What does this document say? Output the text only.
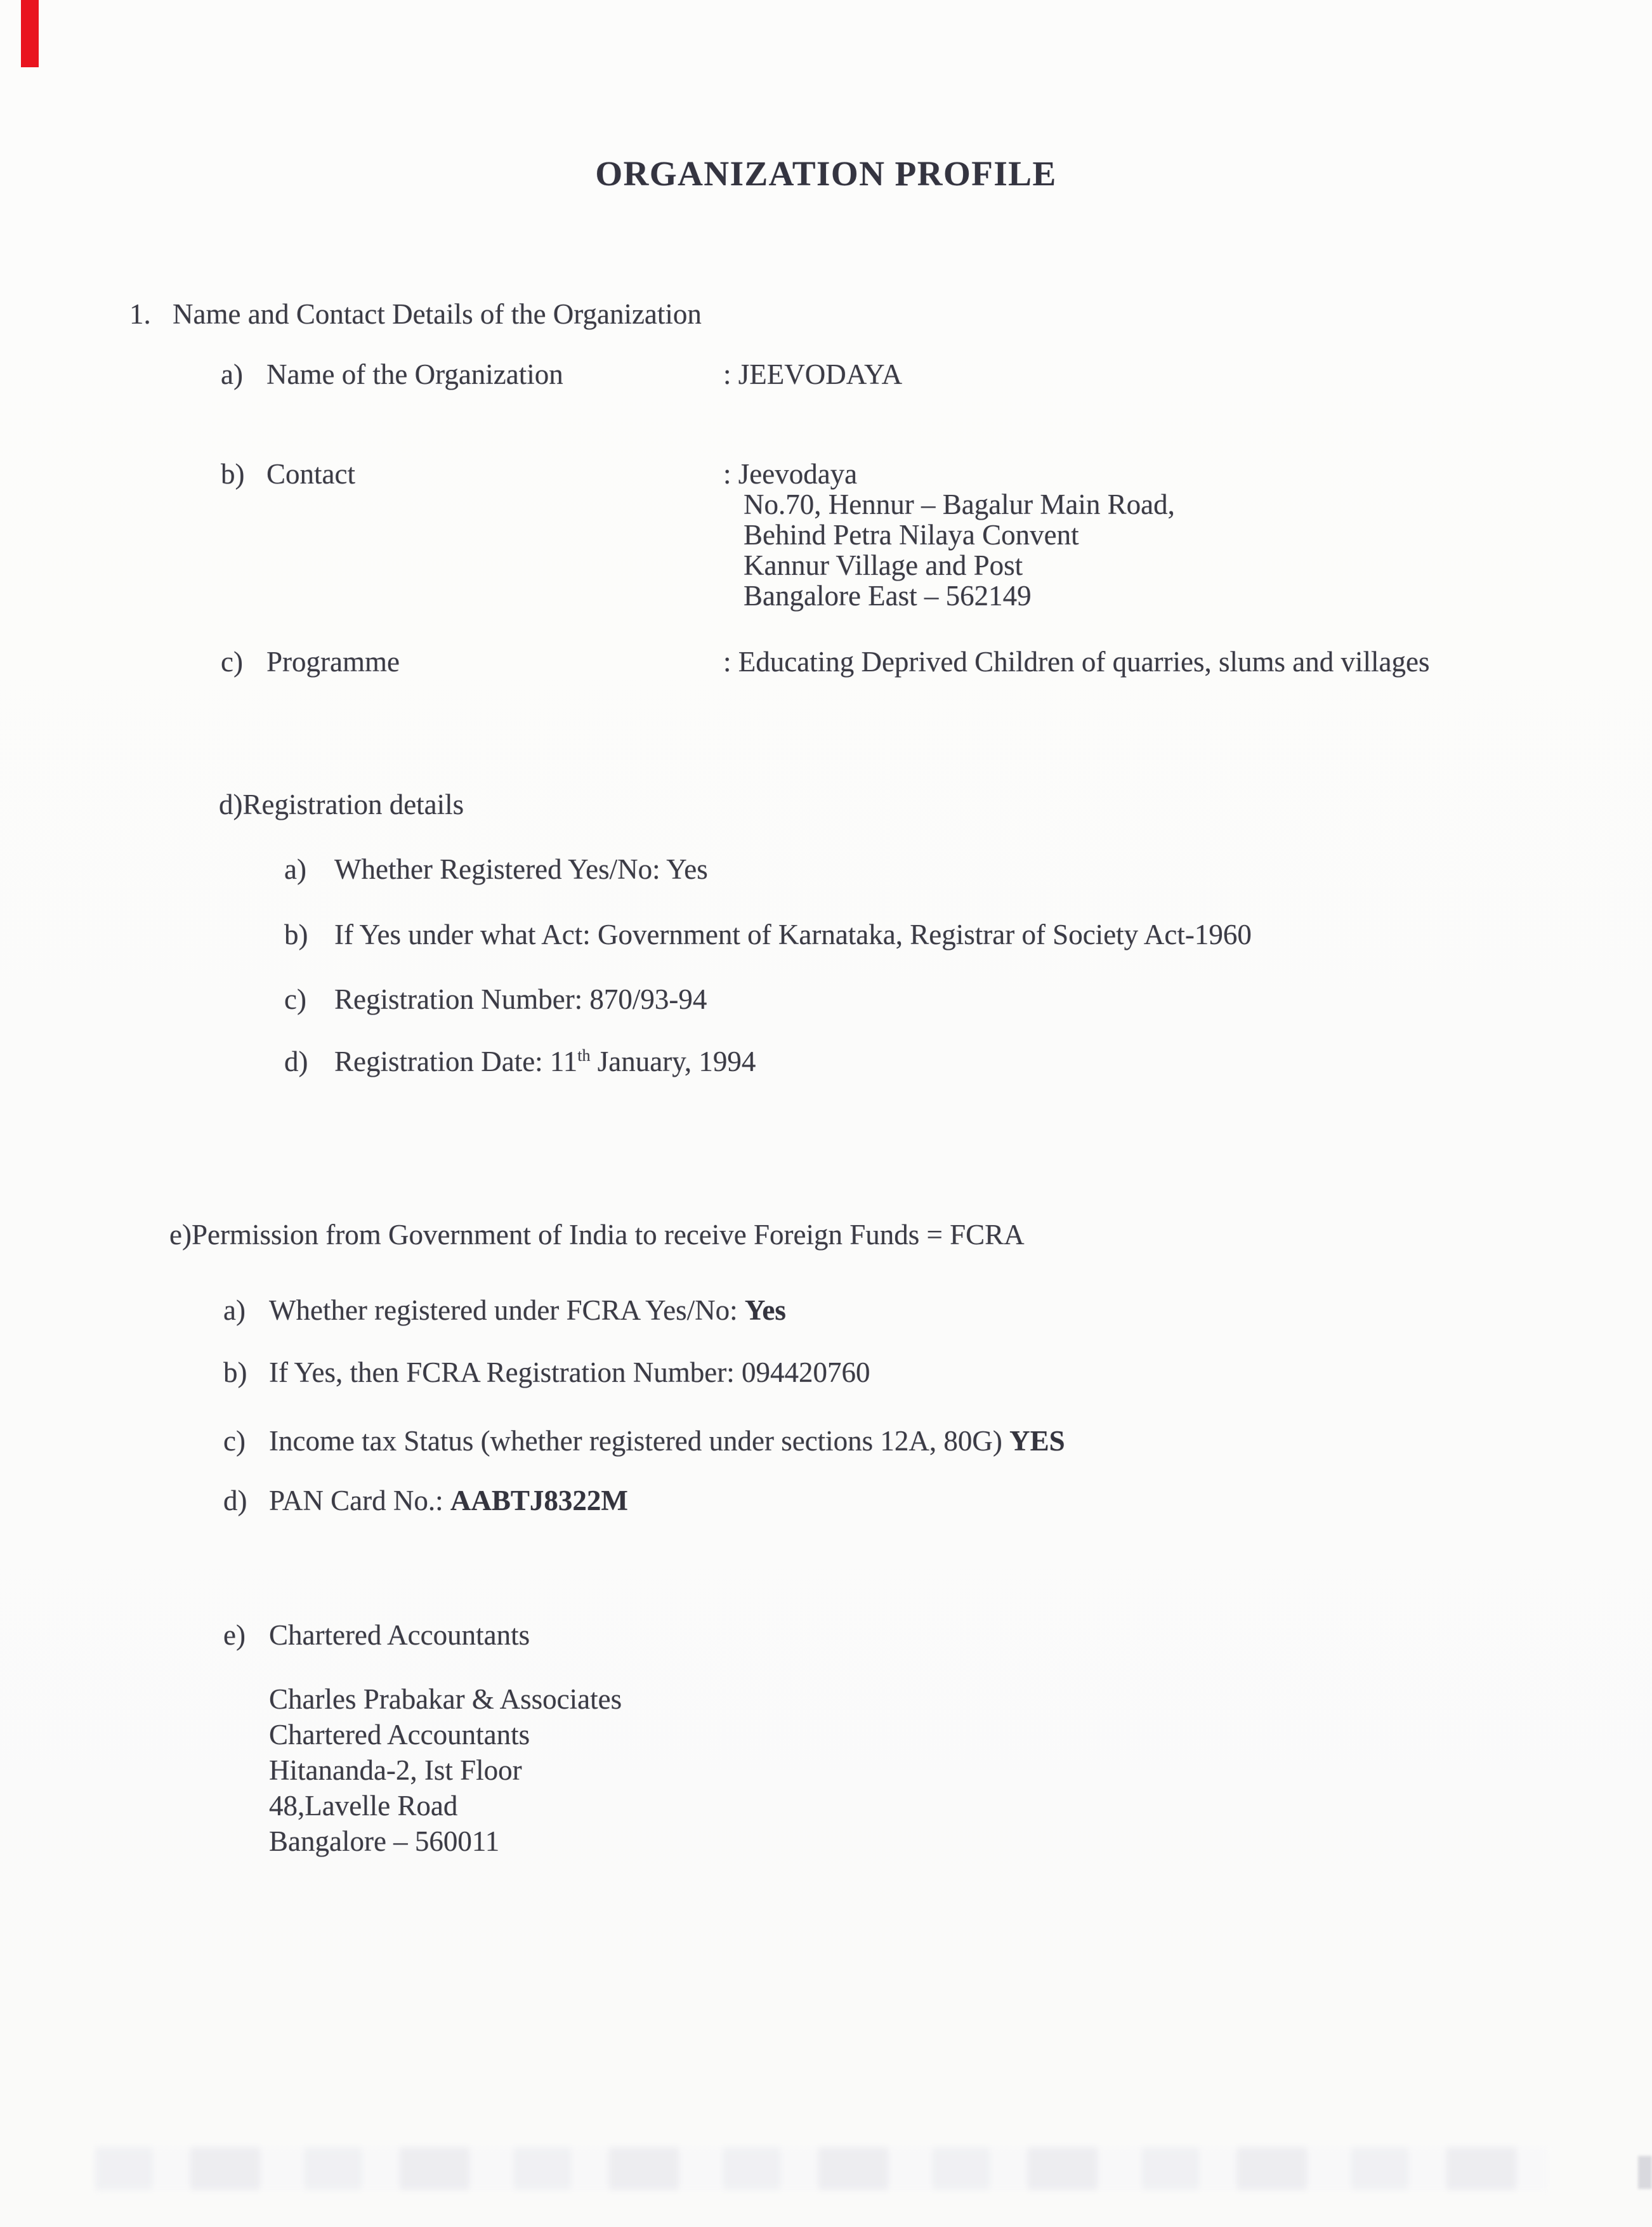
ORGANIZATION PROFILE
1. Name and Contact Details of the Organization
a) Name of the Organization	: JEEVODAYA
b) Contact	: Jeevodaya
No.70, Hennur – Bagalur Main Road,
Behind Petra Nilaya Convent
Kannur Village and Post
Bangalore East – 562149
c) Programme	: Educating Deprived Children of quarries, slums and villages
d)Registration details
a) Whether Registered Yes/No: Yes
b) If Yes under what Act: Government of Karnataka, Registrar of Society Act-1960
c) Registration Number: 870/93-94
d) Registration Date: 11th January, 1994
e)Permission from Government of India to receive Foreign Funds = FCRA
a) Whether registered under FCRA Yes/No: Yes
b) If Yes, then FCRA Registration Number: 094420760
c) Income tax Status (whether registered under sections 12A, 80G) YES
d) PAN Card No.: AABTJ8322M
e) Chartered Accountants
Charles Prabakar & Associates
Chartered Accountants
Hitananda-2, Ist Floor
48,Lavelle Road
Bangalore – 560011
